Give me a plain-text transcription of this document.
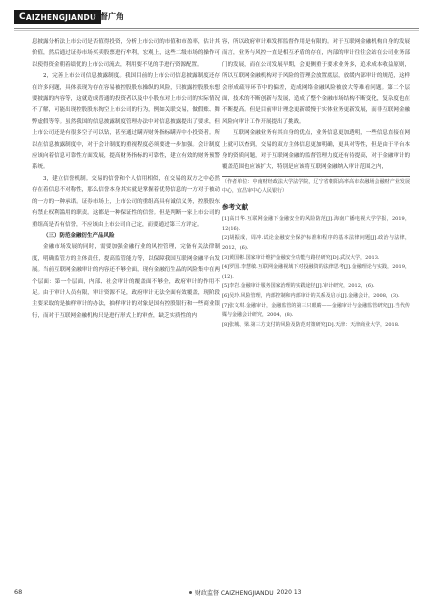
C AIZHENGJIANDU
监督广角

息披露分析法上市公司是否值得投资，分析上市公司的市值和市盈率，估计其价值，然后通过证券市场买卖股票进行牟利，宏观上，这些二级市场的操作可以使得资金朝着绩优的上市公司流去，利用要不见的手进行资源配置。

2，完善上市公司信息披露制度。我国目前的上市公司信息披露制度还存在许多问题，具体表现为存在容易被控股股东操纵的风险，只披露控股股东想要披露的内容等，这就造成普通的投资者以及中小股东对上市公司的实际情况不了解，可能出现控股股东掏空上市公司的行为，例如关联交易，做假账、舞弊虚假等等。虽然我国的信息披露制度管理办法中对信息披露提出了要求，但上市公司还是有很多空子可以钻，甚至通过瞒弄财务指标瞒弄中小投资者。所以在信息披露制度中，对于会计制度的重视程度必须要进一步加强。会计制度应该向着信息可靠性方面发展，提高财务指标的可靠性，建立有效的财务预警系统。

3，建立信誉机制。交易的信誉和个人信用相似，在交易的双方之中必然存在着信息不对称性，那么信誉本身其实就是掌握着优势信息的一方对于被动的一方的一种承诺。证券市场上，上市公司的重组高具有诚信义务，控股股东有禁止权利滥用的职责。这都是一种保证性的信誉。但是判断一家上市公司的重组高是否有信誉，不应该由上市公司自己定，而要通过第三方评定。

（三）防范金融衍生产品风险

金融市场发展的同时，需要加强金融行业的风控管理，完备有关法律制度，明确监管方的主体责任，提高监管能力等，以保障我国互联网金融平台发展。当前互联网金融审计的内容还不够全面，现有金融衍生品的风险集中在两个层面：第一个层面，内部、社会审计的覆盖面不够全，政府审计的作用不足。由于审计人员有限，审计资源不足，政府审计无法全面有效覆盖，现阶段主要采取的是抽样审计的办法，抽样审计的对象是国有控股银行和一些商业银行，而对于互联网金融机构只是进行形式上的审查，缺乏实质性的内

容，所以政府审计难发挥监督作用是有限的。对于互联网金融机构自身的发展而言，业务与风控一直是相互矛盾的存在，内部的审计往往会站在公司业务部门的发展，而在公司发展早期，会更侧重于要求业务多，追求成本收益原则，所以互联网金融机构对于风险的管理会放置底层，放缓内部审计的规范，这样会形成疏导环节中的偏差，造成网络金融风险被放大等难看问题。第二个层面，技术的不断创新与发展，造成了整个金融市场结构不断变化，复杂度也在不断提高。但是目前审计理念更新缓慢于实体业务更新发展，而非互联网金融风险向审计工作开展提出了挑战。

互联网金融业务有其自身的优点，业务信息更加透明，一些信息直接在网上就可以查到，交易的双方主体信息更加明确，更具对等性，但是由于平台本身的资质问题，对于互联网金融的监督管理力度还有待提高，对于金融审计的覆盖范围也应该扩大，特别是应该将互联网金融纳入审计范围之内，

（作者单位：中南财经政法大学法学院，辽宁省朝阳高率高市农融场会融财产业发展中心，宜昌审中心人民银行）
参考文献
[1]高日华.互联网金融下金融安全的风险防范[J].海南广播电视大学学报，2019，12(16).
[2]胡振成，周冲.试论金融安全保护标准和程序的基本法律问题[J].政治与法律，2012，(6).
[3]黄国彬.国家审计维护金融安全功能与路径研究[D].武汉大学，2013.
[4]罗国.李慧敏.互联网金融视域下对投融资的法律思考[J].金融理论与实践，2019，(12).
[5]李岩.金融审计服务国家治理的实践途径[J].审计研究，2012，(6).
[6]吴玲.风险管理，内部控制和内部审计的关系及启示[J].金融会计，2008，(3).
[7]张文琪.金融审计，金融监管的第三只眼睛——金融审计与金融监管研究[J].当代传媒与金融会计研究，2004，(8).
[8]张城、梁.第三方支付的风险及防范对策研究[D].天津：天津商业大学，2018.
68	财政监督 CAIZHENGJIANDU 2020 13
